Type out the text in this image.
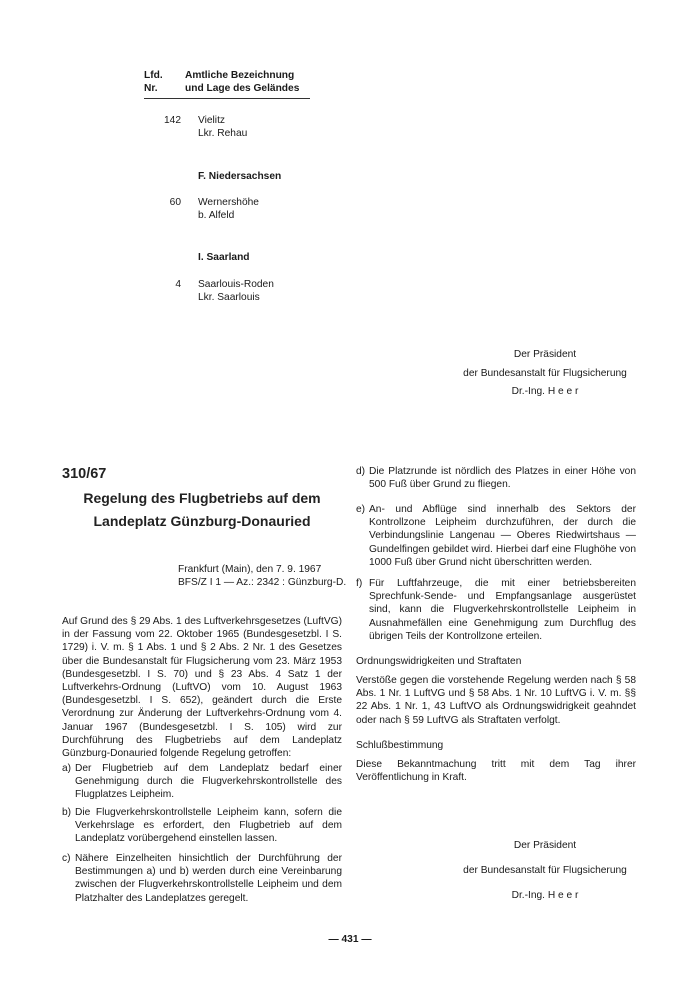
Lfd.
Nr.
Amtliche Bezeichnung
und Lage des Geländes
142 Vielitz
Lkr. Rehau
F. Niedersachsen
60 Wernershöhe
b. Alfeld
I. Saarland
4 Saarlouis-Roden
Lkr. Saarlouis
Der Präsident
der Bundesanstalt für Flugsicherung
Dr.-Ing. H e e r
310/67
Regelung des Flugbetriebs auf dem
Landeplatz Günzburg-Donauried
Frankfurt (Main), den 7. 9. 1967
BFS/Z I 1 — Az.: 2342 : Günzburg-D.
Auf Grund des § 29 Abs. 1 des Luftverkehrsgesetzes (LuftVG) in der Fassung vom 22. Oktober 1965 (Bundesgesetzbl. I S. 1729) i. V. m. § 1 Abs. 1 und § 2 Abs. 2 Nr. 1 des Gesetzes über die Bundesanstalt für Flugsicherung vom 23. März 1953 (Bundesgesetzbl. I S. 70) und § 23 Abs. 4 Satz 1 der Luftverkehrs-Ordnung (LuftVO) vom 10. August 1963 (Bundesgesetzbl. I S. 652), geändert durch die Erste Verordnung zur Änderung der Luftverkehrs-Ordnung vom 4. Januar 1967 (Bundesgesetzbl. I S. 105) wird zur Durchführung des Flugbetriebs auf dem Landeplatz Günzburg-Donauried folgende Regelung getroffen:
a) Der Flugbetrieb auf dem Landeplatz bedarf einer Genehmigung durch die Flugverkehrskontrollstelle des Flugplatzes Leipheim.
b) Die Flugverkehrskontrollstelle Leipheim kann, sofern die Verkehrslage es erfordert, den Flugbetrieb auf dem Landeplatz vorübergehend einstellen lassen.
c) Nähere Einzelheiten hinsichtlich der Durchführung der Bestimmungen a) und b) werden durch eine Vereinbarung zwischen der Flugverkehrskontrollstelle Leipheim und dem Platzhalter des Landeplatzes geregelt.
d) Die Platzrunde ist nördlich des Platzes in einer Höhe von 500 Fuß über Grund zu fliegen.
e) An- und Abflüge sind innerhalb des Sektors der Kontrollzone Leipheim durchzuführen, der durch die Verbindungslinie Langenau — Oberes Riedwirtshaus — Gundelfingen gebildet wird. Hierbei darf eine Flughöhe von 1000 Fuß über Grund nicht überschritten werden.
f) Für Luftfahrzeuge, die mit einer betriebsbereiten Sprechfunk-Sende- und Empfangsanlage ausgerüstet sind, kann die Flugverkehrskontrollstelle Leipheim in Ausnahmefällen eine Genehmigung zum Durchflug des übrigen Teils der Kontrollzone erteilen.
Ordnungswidrigkeiten und Straftaten
Verstöße gegen die vorstehende Regelung werden nach § 58 Abs. 1 Nr. 1 LuftVG und § 58 Abs. 1 Nr. 10 LuftVG i. V. m. §§ 22 Abs. 1 Nr. 1, 43 LuftVO als Ordnungswidrigkeit geahndet oder nach § 59 LuftVG als Straftaten verfolgt.
Schlußbestimmung
Diese Bekanntmachung tritt mit dem Tag ihrer Veröffentlichung in Kraft.
Der Präsident
der Bundesanstalt für Flugsicherung
Dr.-Ing. H e e r
— 431 —
